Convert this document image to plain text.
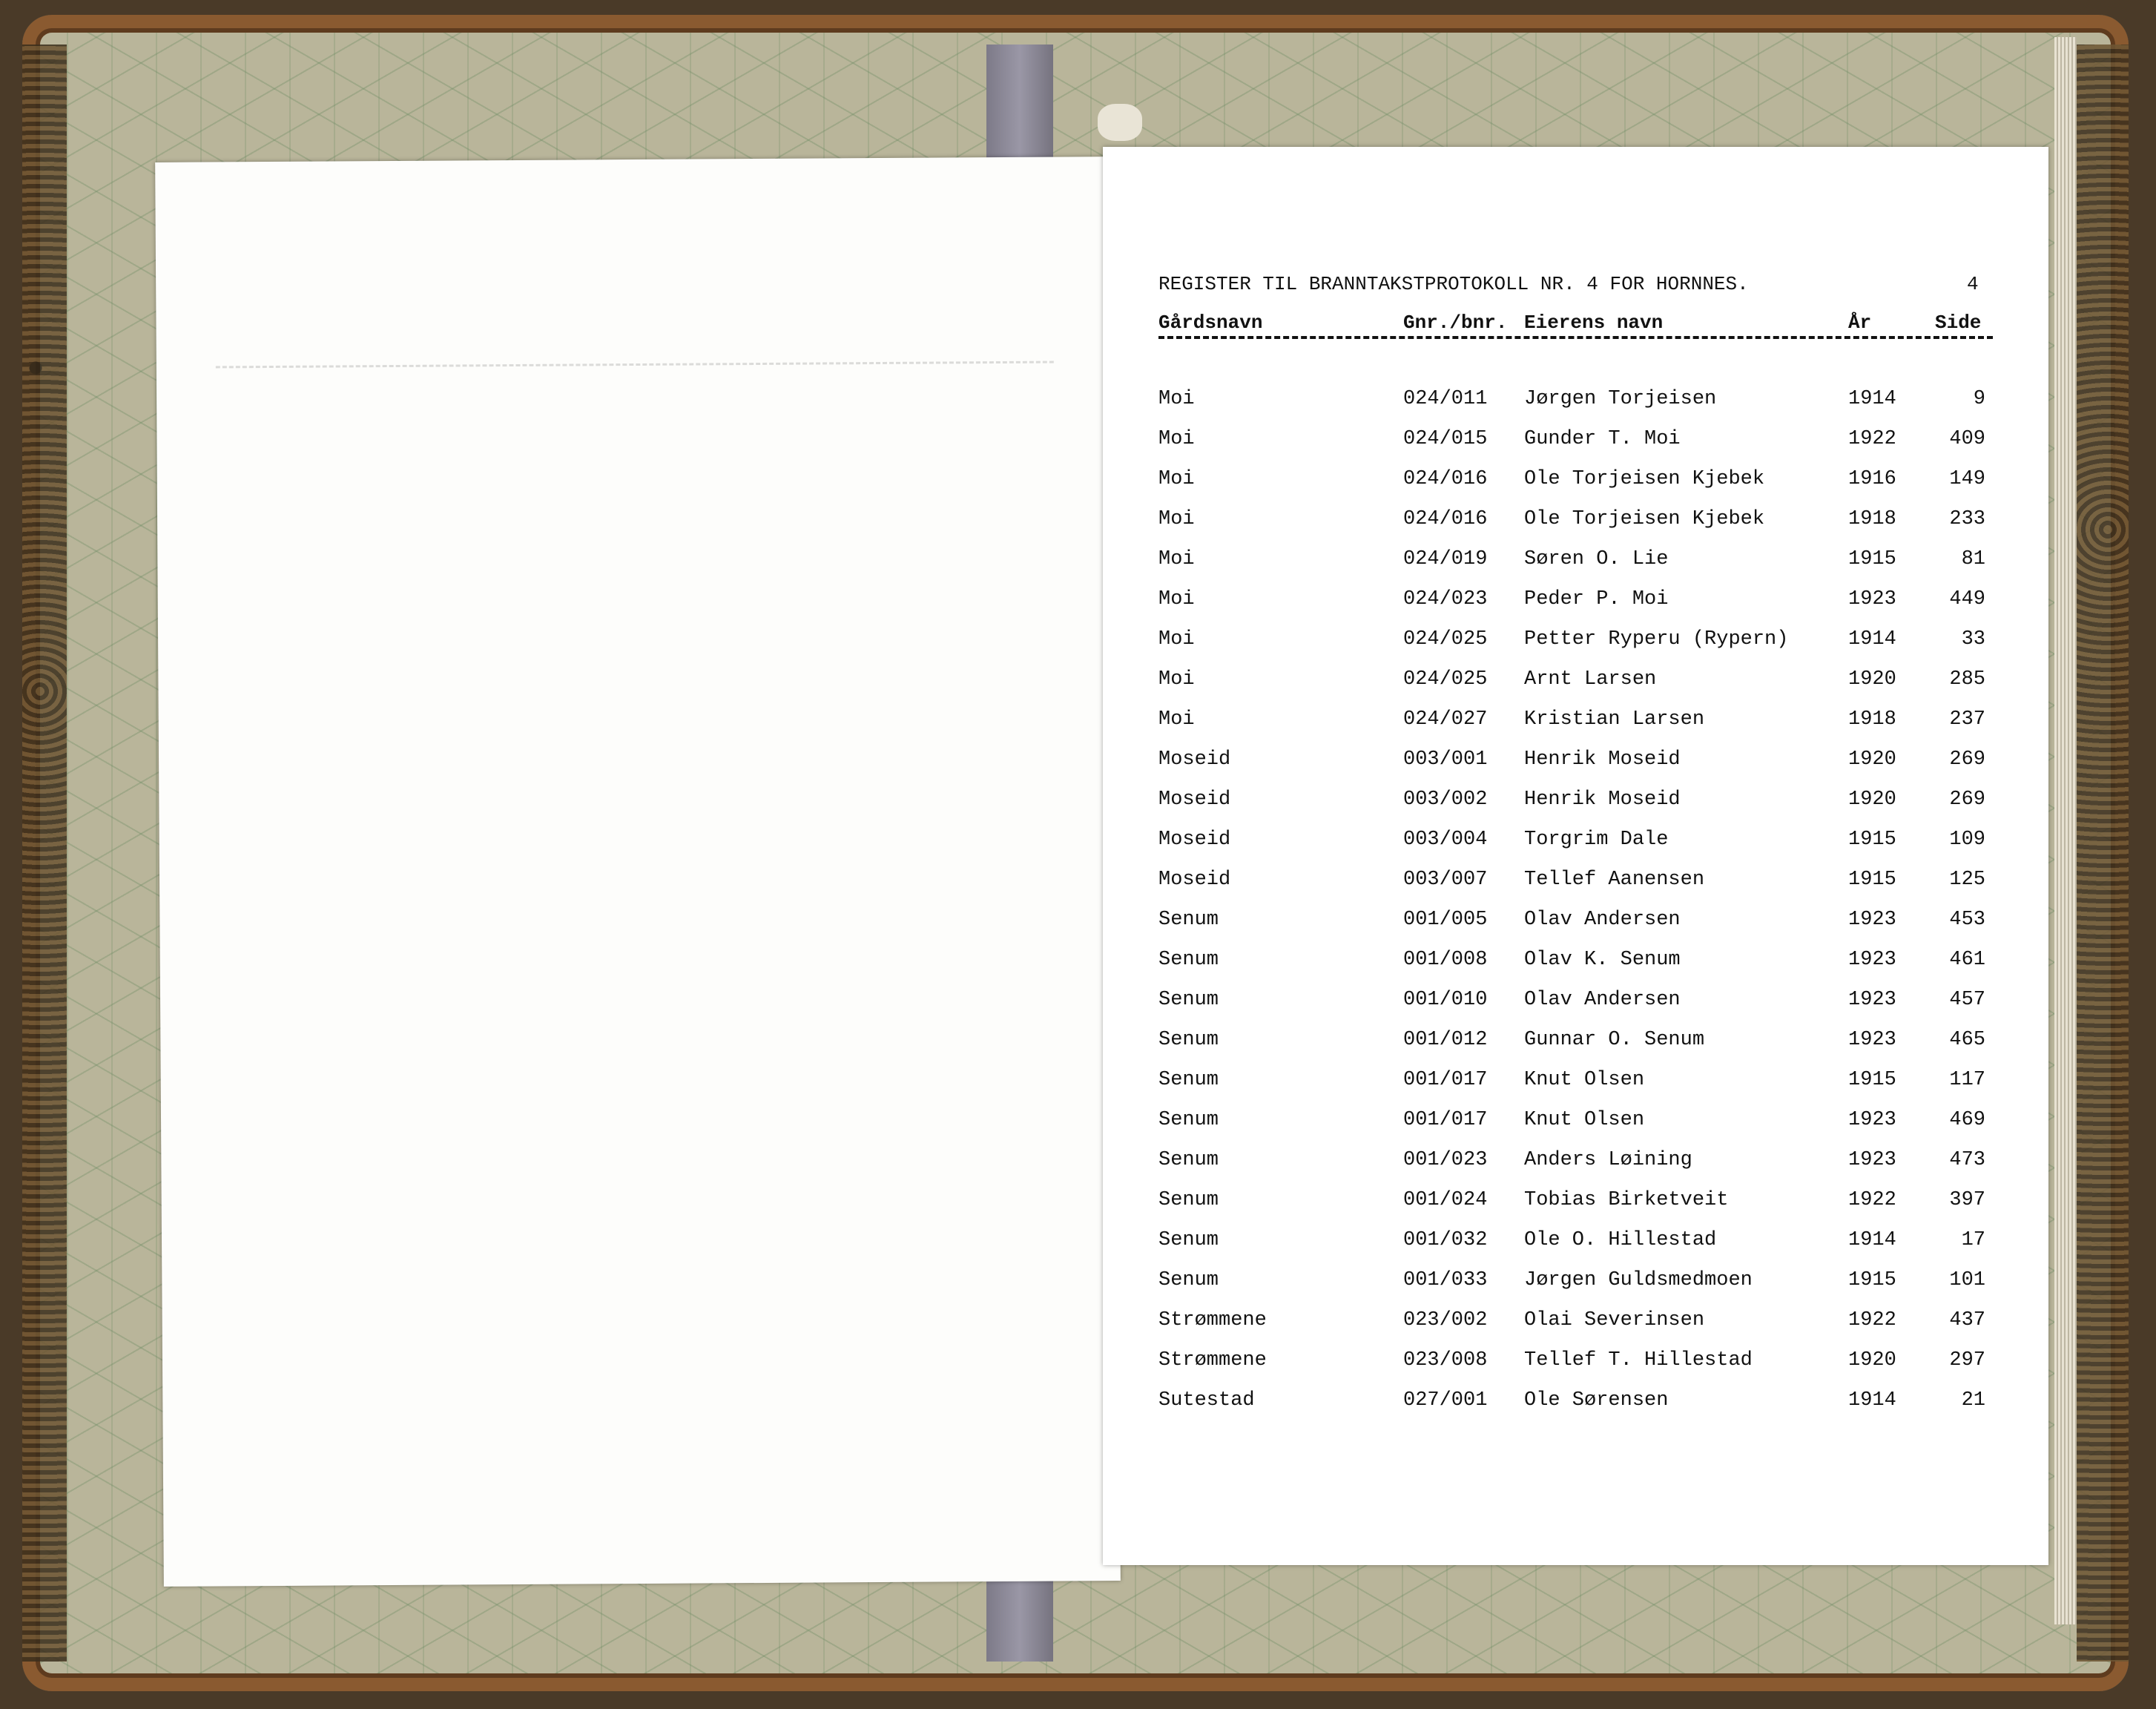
REGISTER TIL BRANNTAKSTPROTOKOLL NR. 4 FOR HORNNES.	4
Gårdsnavn	Gnr./bnr. Eierens navn	År	Side
Moi	024/011 Jørgen Torjeisen	1914	9
Moi	024/015 Gunder T. Moi	1922	409
Moi	024/016 Ole Torjeisen Kjebek	1916	149
Moi	024/016 Ole Torjeisen Kjebek	1918	233
Moi	024/019 Søren O. Lie	1915	81
Moi	024/023 Peder P. Moi	1923	449
Moi	024/025 Petter Ryperu (Rypern)	1914	33
Moi	024/025 Arnt Larsen	1920	285
Moi	024/027 Kristian Larsen	1918	237
Moseid	003/001 Henrik Moseid	1920	269
Moseid	003/002 Henrik Moseid	1920	269
Moseid	003/004 Torgrim Dale	1915	109
Moseid	003/007 Tellef Aanensen	1915	125
Senum	001/005 Olav Andersen	1923	453
Senum	001/008 Olav K. Senum	1923	461
Senum	001/010 Olav Andersen	1923	457
Senum	001/012 Gunnar O. Senum	1923	465
Senum	001/017 Knut Olsen	1915	117
Senum	001/017 Knut Olsen	1923	469
Senum	001/023 Anders Løining	1923	473
Senum	001/024 Tobias Birketveit	1922	397
Senum	001/032 Ole O. Hillestad	1914	17
Senum	001/033 Jørgen Guldsmedmoen	1915	101
Strømmene	023/002 Olai Severinsen	1922	437
Strømmene	023/008 Tellef T. Hillestad	1920	297
Sutestad	027/001 Ole Sørensen	1914	21
